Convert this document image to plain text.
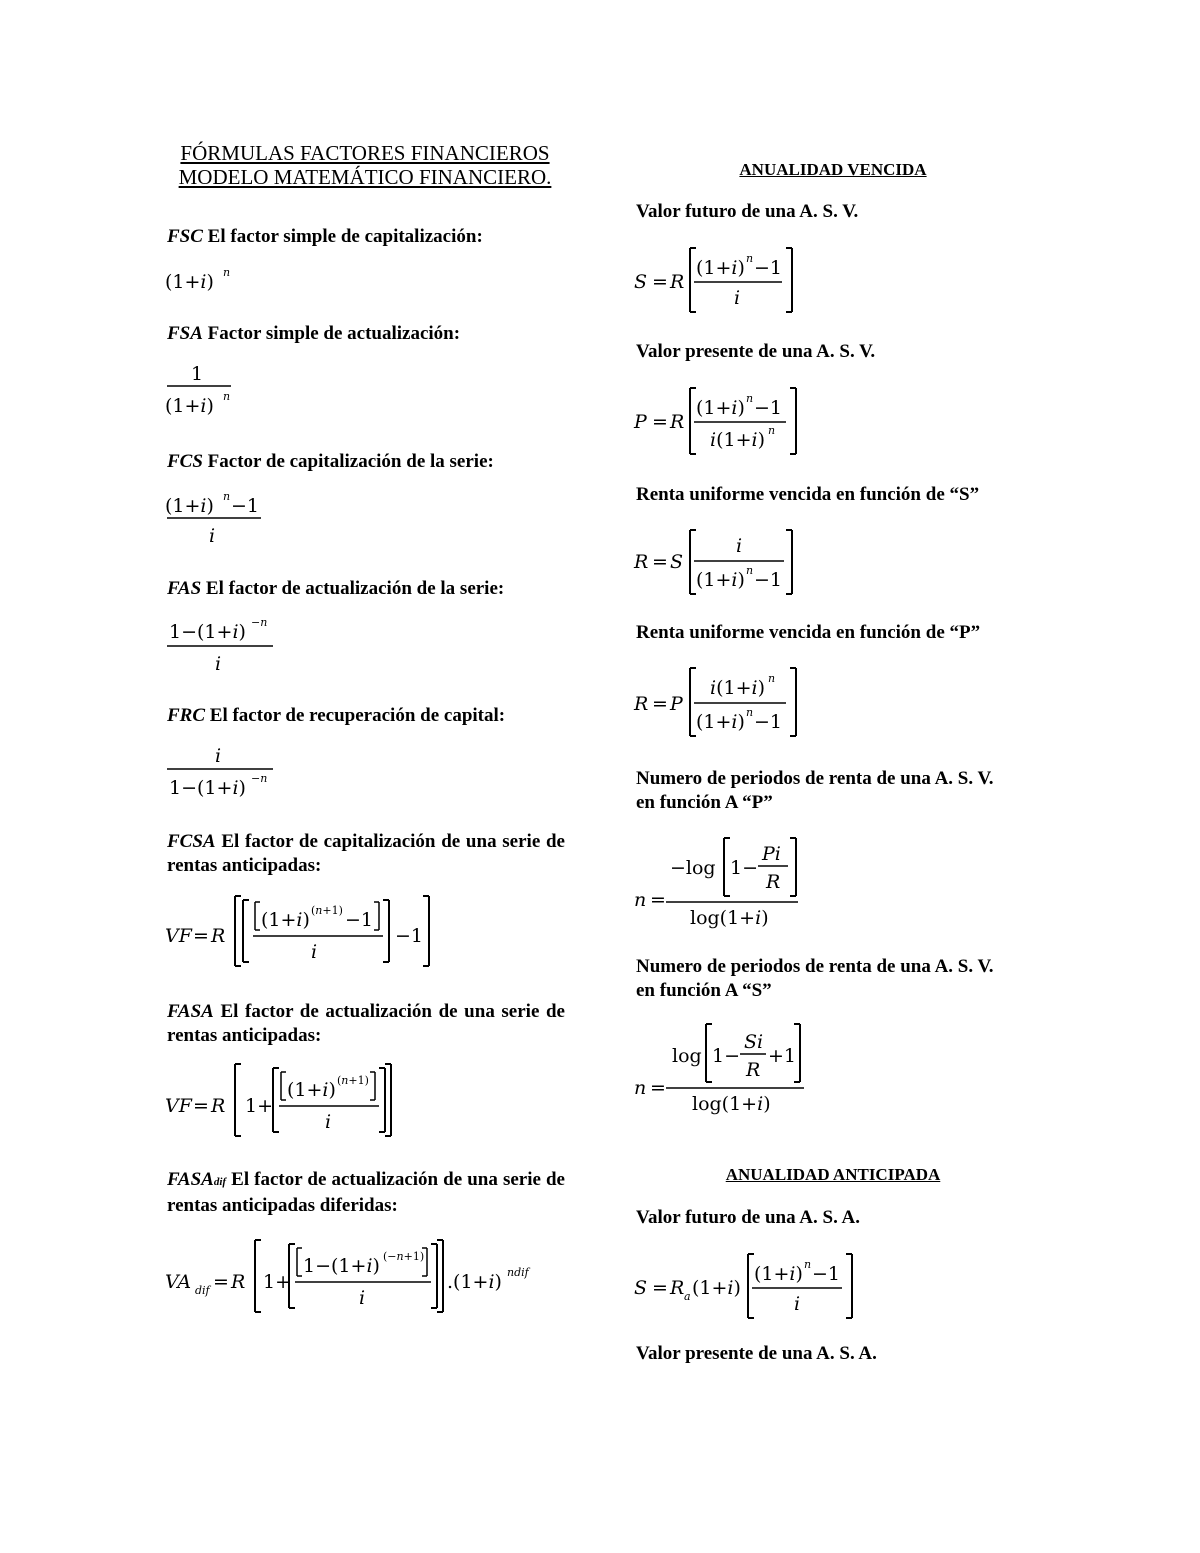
FÓRMULAS FACTORES FINANCIEROS
MODELO MATEMÁTICO FINANCIERO.
FSC El factor simple de capitalización:
(1+i) n
FSA Factor simple de actualización:
1
(1+i) n
FCS Factor de capitalización de la serie:
(1+i) n −1
i
FAS El factor de actualización de la serie:
1−(1+i) −n
i
FRC El factor de recuperación de capital:
i
1−(1+i) −n
FCSA El factor de capitalización de una serie de rentas anticipadas:
VF = R
(1+i) (n+1) −1
i
−1
FASA El factor de actualización de una serie de rentas anticipadas:
VF = R 1+
(1+i) (n+1)
i
FASAdif El factor de actualización de una serie de rentas anticipadas diferidas:
VA dif = R 1+
1−(1+i) (−n+1)
i
.(1+i) ndif
ANUALIDAD VENCIDA
Valor futuro de una A. S. V.
S = R
(1+i) n −1
i
Valor presente de una A. S. V.
P = R
(1+i) n −1
i(1+i) n
Renta uniforme vencida en función de “S”
R = S
i
(1+i) n −1
Renta uniforme vencida en función de “P”
R = P
i(1+i) n
(1+i) n −1
Numero de periodos de renta de una A. S. V.
en función A “P”
n =
−log 1−
Pi
R
log(1+i)
Numero de periodos de renta de una A. S. V.
en función A “S”
n =
log 1−
Si
R
+1
log(1+i)
ANUALIDAD ANTICIPADA
Valor futuro de una A. S. A.
S = R a (1+i)
(1+i) n −1
i
Valor presente de una A. S. A.
